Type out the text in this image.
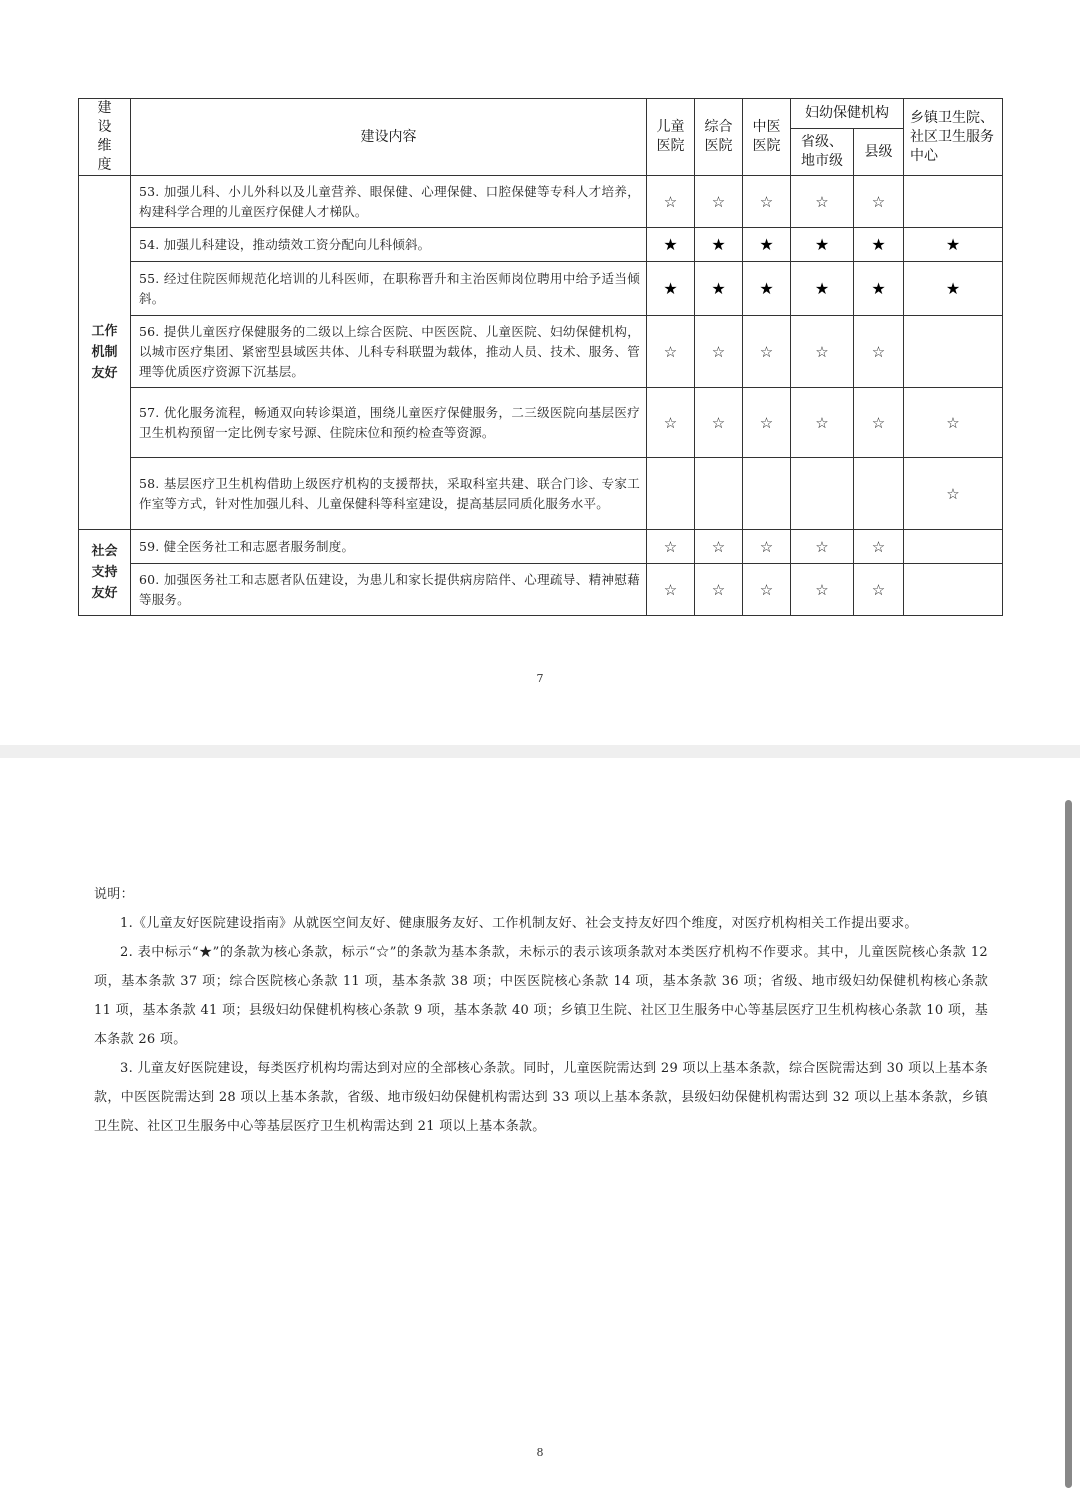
建设维度	建设内容	儿童医院	综合医院	中医医院	妇幼保健机构		乡镇卫生院、社区卫生服务中心
					省级、地市级	县级	

工作
机制
友好	53. 加强儿科、小儿外科以及儿童营养、眼保健、心理保健、口腔保健等专科人才培养，构建科学合理的儿童医疗保健人才梯队。	☆	☆	☆	☆	☆	
	54. 加强儿科建设，推动绩效工资分配向儿科倾斜。	★	★	★	★	★	★
	55. 经过住院医师规范化培训的儿科医师，在职称晋升和主治医师岗位聘用中给予适当倾斜。	★	★	★	★	★	★
	56. 提供儿童医疗保健服务的二级以上综合医院、中医医院、儿童医院、妇幼保健机构，以城市医疗集团、紧密型县域医共体、儿科专科联盟为载体，推动人员、技术、服务、管理等优质医疗资源下沉基层。	☆	☆	☆	☆	☆	
	57. 优化服务流程，畅通双向转诊渠道，围绕儿童医疗保健服务，二三级医院向基层医疗卫生机构预留一定比例专家号源、住院床位和预约检查等资源。	☆	☆	☆	☆	☆	☆
	58. 基层医疗卫生机构借助上级医疗机构的支援帮扶，采取科室共建、联合门诊、专家工作室等方式，针对性加强儿科、儿童保健科等科室建设，提高基层同质化服务水平。						☆

社会
支持
友好	59. 健全医务社工和志愿者服务制度。	☆	☆	☆	☆	☆	
	60. 加强医务社工和志愿者队伍建设，为患儿和家长提供病房陪伴、心理疏导、精神慰藉等服务。	☆	☆	☆	☆	☆	
7
8

说明：

1.《儿童友好医院建设指南》从就医空间友好、健康服务友好、工作机制友好、社会支持友好四个维度，对医疗机构相关工作提出要求。

2. 表中标示“★”的条款为核心条款，标示“☆”的条款为基本条款，未标示的表示该项条款对本类医疗机构不作要求。其中，儿童医院核心条款 12 项，基本条款 37 项；综合医院核心条款 11 项，基本条款 38 项；中医医院核心条款 14 项，基本条款 36 项；省级、地市级妇幼保健机构核心条款 11 项，基本条款 41 项；县级妇幼保健机构核心条款 9 项，基本条款 40 项；乡镇卫生院、社区卫生服务中心等基层医疗卫生机构核心条款 10 项，基本条款 26 项。

3. 儿童友好医院建设，每类医疗机构均需达到对应的全部核心条款。同时，儿童医院需达到 29 项以上基本条款，综合医院需达到 30 项以上基本条款，中医医院需达到 28 项以上基本条款，省级、地市级妇幼保健机构需达到 33 项以上基本条款，县级妇幼保健机构需达到 32 项以上基本条款，乡镇卫生院、社区卫生服务中心等基层医疗卫生机构需达到 21 项以上基本条款。
